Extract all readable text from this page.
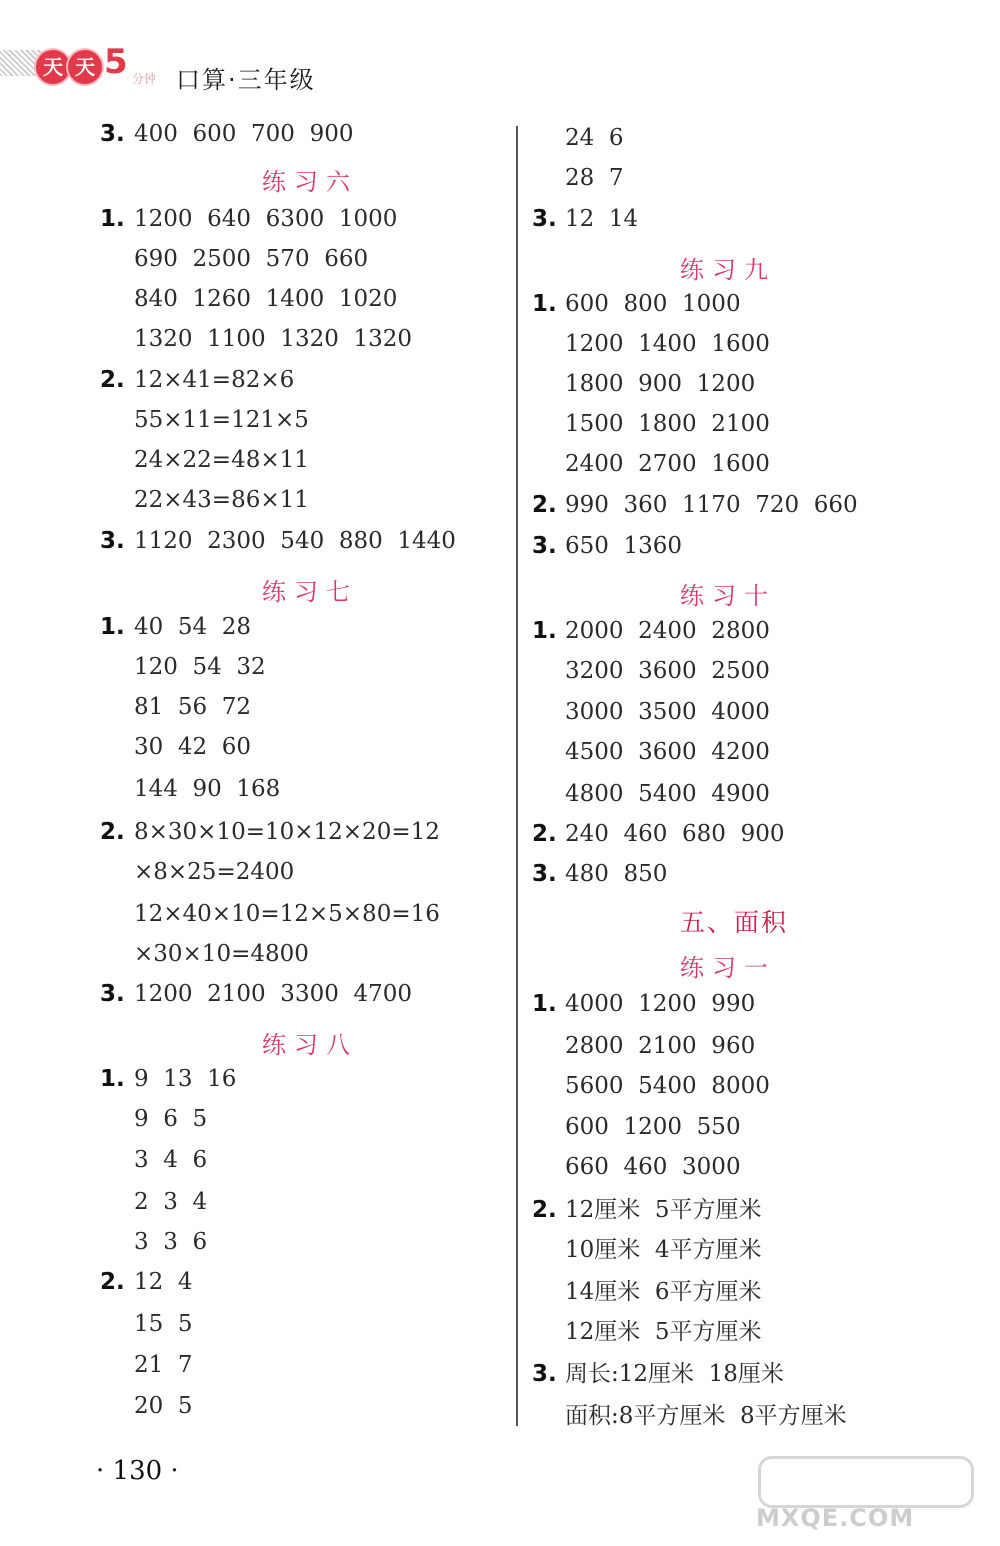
天 天 5 分钟 口算·三年级
3. 400  600  700  900
练习六
1. 1200  640  6300  1000
690  2500  570  660
840  1260  1400  1020
1320  1100  1320  1320
2. 12×41=82×6
55×11=121×5
24×22=48×11
22×43=86×11
3. 1120  2300  540  880  1440
练习七
1. 40  54  28
120  54  32
81  56  72
30  42  60
144  90  168
2. 8×30×10=10×12×20=12
×8×25=2400
12×40×10=12×5×80=16
×30×10=4800
3. 1200  2100  3300  4700
练习八
1. 9  13  16
9  6  5
3  4  6
2  3  4
3  3  6
2. 12  4
15  5
21  7
20  5
24  6
28  7
3. 12  14
练习九
1. 600  800  1000
1200  1400  1600
1800  900  1200
1500  1800  2100
2400  2700  1600
2. 990  360  1170  720  660
3. 650  1360
练习十
1. 2000  2400  2800
3200  3600  2500
3000  3500  4000
4500  3600  4200
4800  5400  4900
2. 240  460  680  900
3. 480  850
五、面积
练习一
1. 4000  1200  990
2800  2100  960
5600  5400  8000
600  1200  550
660  460  3000
2. 12厘米  5平方厘米
10厘米  4平方厘米
14厘米  6平方厘米
12厘米  5平方厘米
3. 周长:12厘米  18厘米
面积:8平方厘米  8平方厘米
· 130 ·
MXQE.COM
